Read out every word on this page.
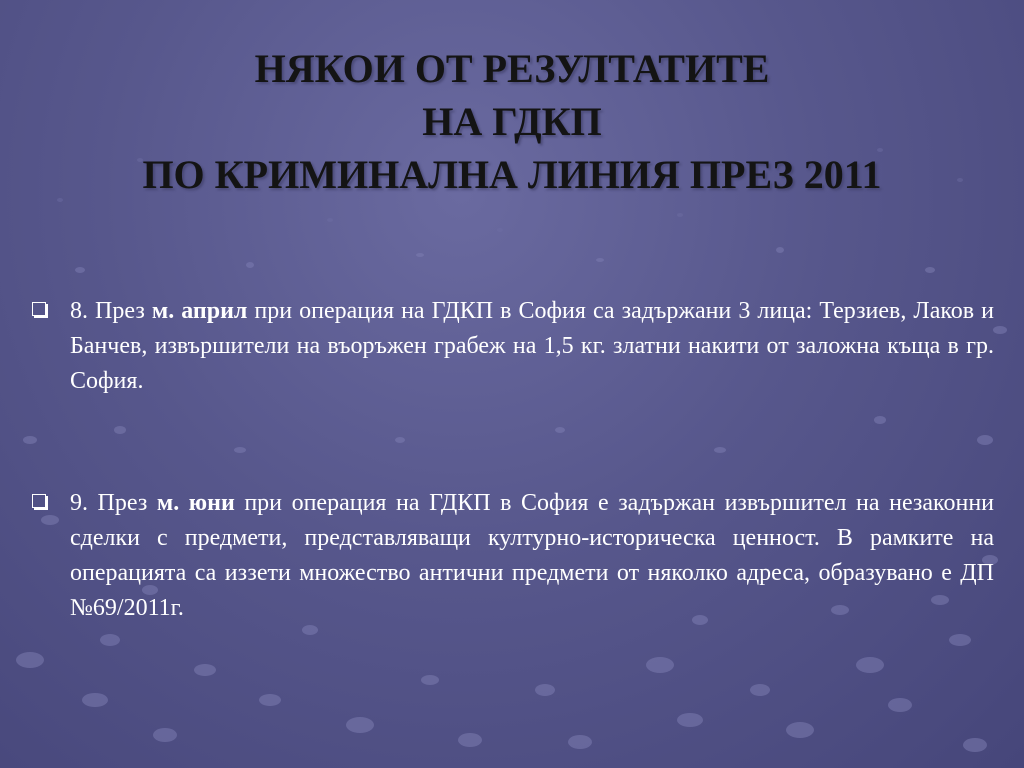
НЯКОИ ОТ РЕЗУЛТАТИТЕ
НА ГДКП
ПО КРИМИНАЛНА ЛИНИЯ ПРЕЗ 2011
8. През м. април при операция на ГДКП в София са задържани 3 лица: Терзиев, Лаков и Банчев, извършители на въоръжен грабеж на 1,5 кг. златни накити от заложна къща в гр. София.
9. През м. юни при операция на ГДКП в София е задържан извършител на незаконни сделки с предмети, представляващи културно-историческа ценност. В рамките на операцията са иззети множество антични предмети от няколко адреса, образувано е ДП №69/2011г.
